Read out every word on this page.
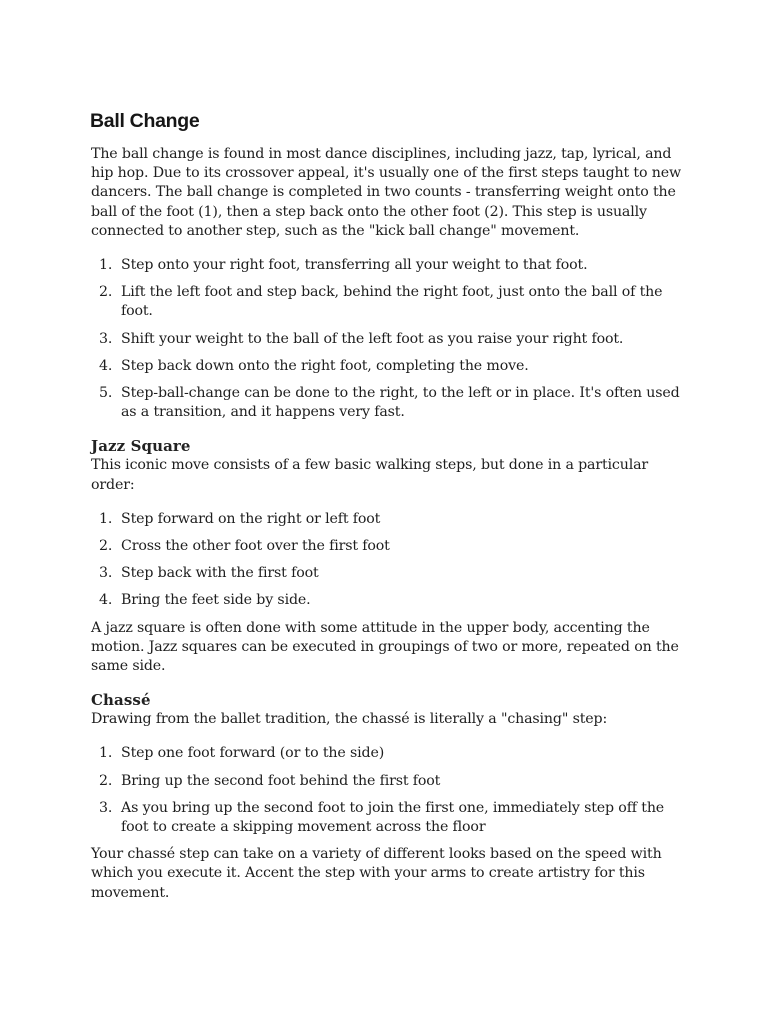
Ball Change

The ball change is found in most dance disciplines, including jazz, tap, lyrical, and hip hop. Due to its crossover appeal, it's usually one of the first steps taught to new dancers. The ball change is completed in two counts - transferring weight onto the ball of the foot (1), then a step back onto the other foot (2). This step is usually connected to another step, such as the "kick ball change" movement.

1. Step onto your right foot, transferring all your weight to that foot.
2. Lift the left foot and step back, behind the right foot, just onto the ball of the foot.
3. Shift your weight to the ball of the left foot as you raise your right foot.
4. Step back down onto the right foot, completing the move.
5. Step-ball-change can be done to the right, to the left or in place. It's often used as a transition, and it happens very fast.
Jazz Square

This iconic move consists of a few basic walking steps, but done in a particular order:

1. Step forward on the right or left foot
2. Cross the other foot over the first foot
3. Step back with the first foot
4. Bring the feet side by side.

A jazz square is often done with some attitude in the upper body, accenting the motion. Jazz squares can be executed in groupings of two or more, repeated on the same side.

Chassé

Drawing from the ballet tradition, the chassé is literally a "chasing" step:

1. Step one foot forward (or to the side)
2. Bring up the second foot behind the first foot
3. As you bring up the second foot to join the first one, immediately step off the foot to create a skipping movement across the floor

Your chassé step can take on a variety of different looks based on the speed with which you execute it. Accent the step with your arms to create artistry for this movement.
